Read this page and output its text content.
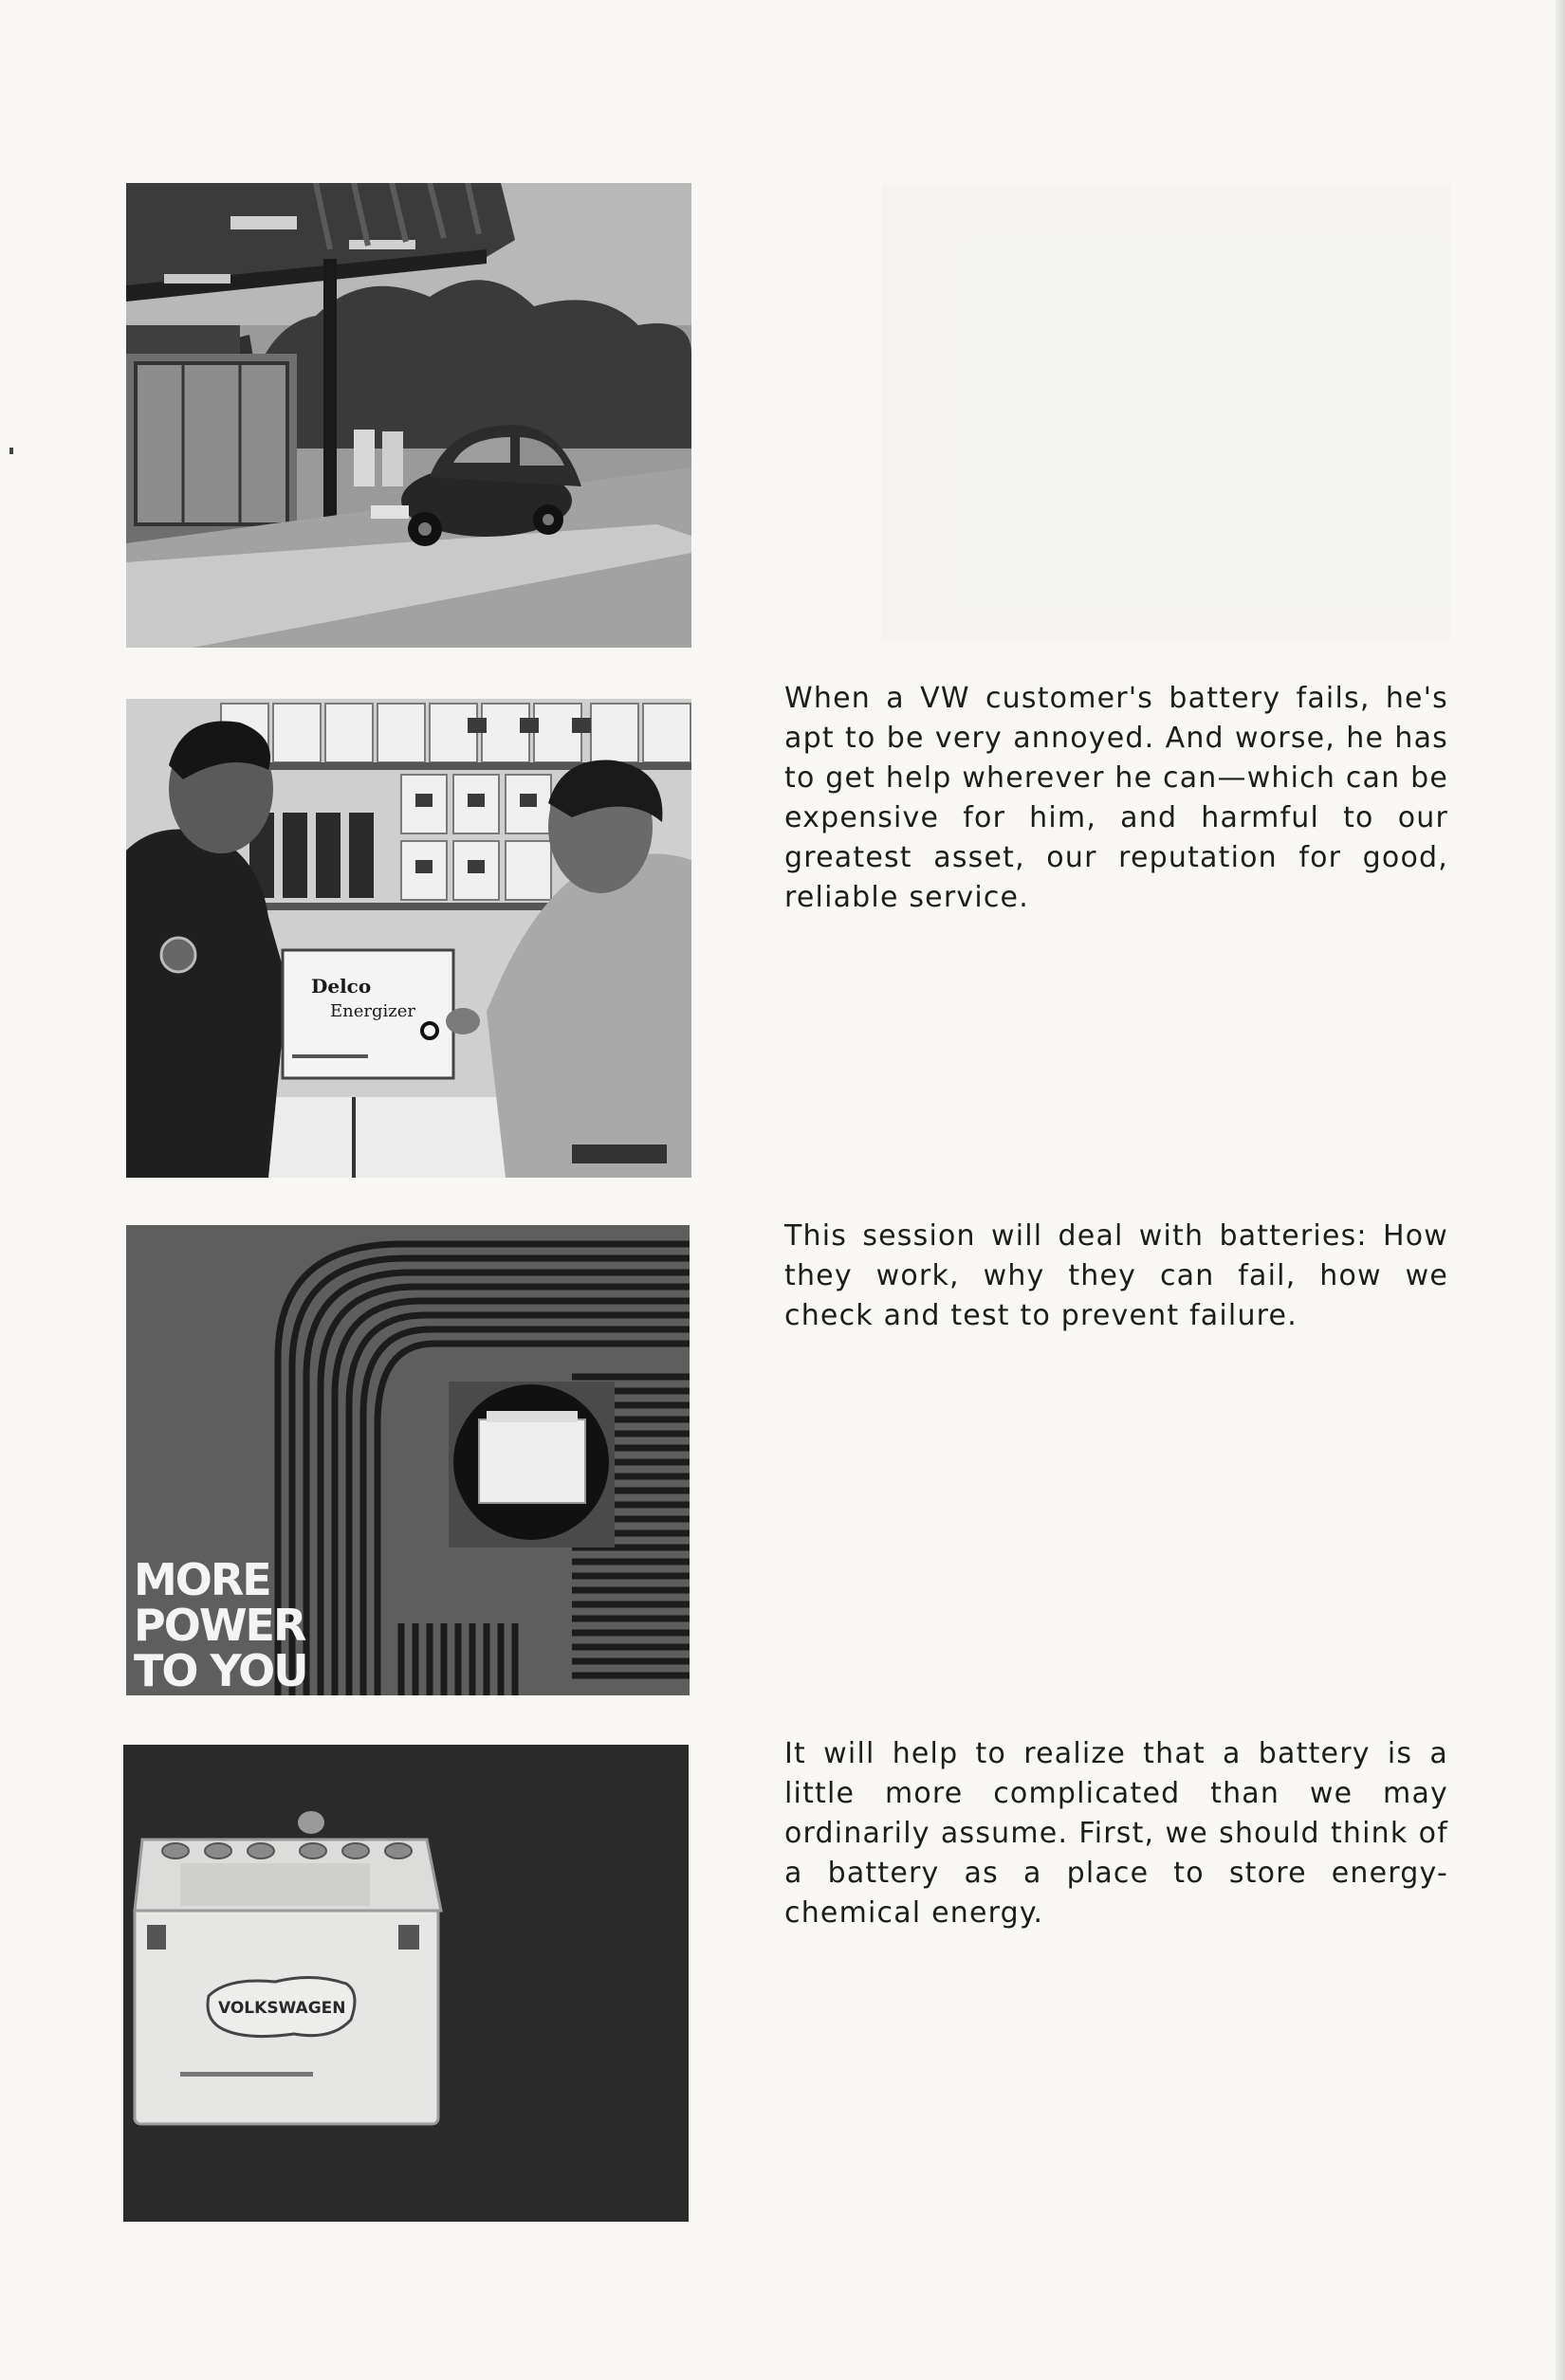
Delco
Energizer
MORE
POWER
TO YOU
VOLKSWAGEN

When a VW customer's battery fails, he's apt to be very annoyed. And worse, he has to get help wherever he can—which can be expensive for him, and harmful to our greatest asset, our reputation for good, reliable service.

This session will deal with batteries: How they work, why they can fail, how we check and test to prevent failure.

It will help to realize that a battery is a little more complicated than we may ordinarily assume. First, we should think of a battery as a place to store energy-chemical energy.
